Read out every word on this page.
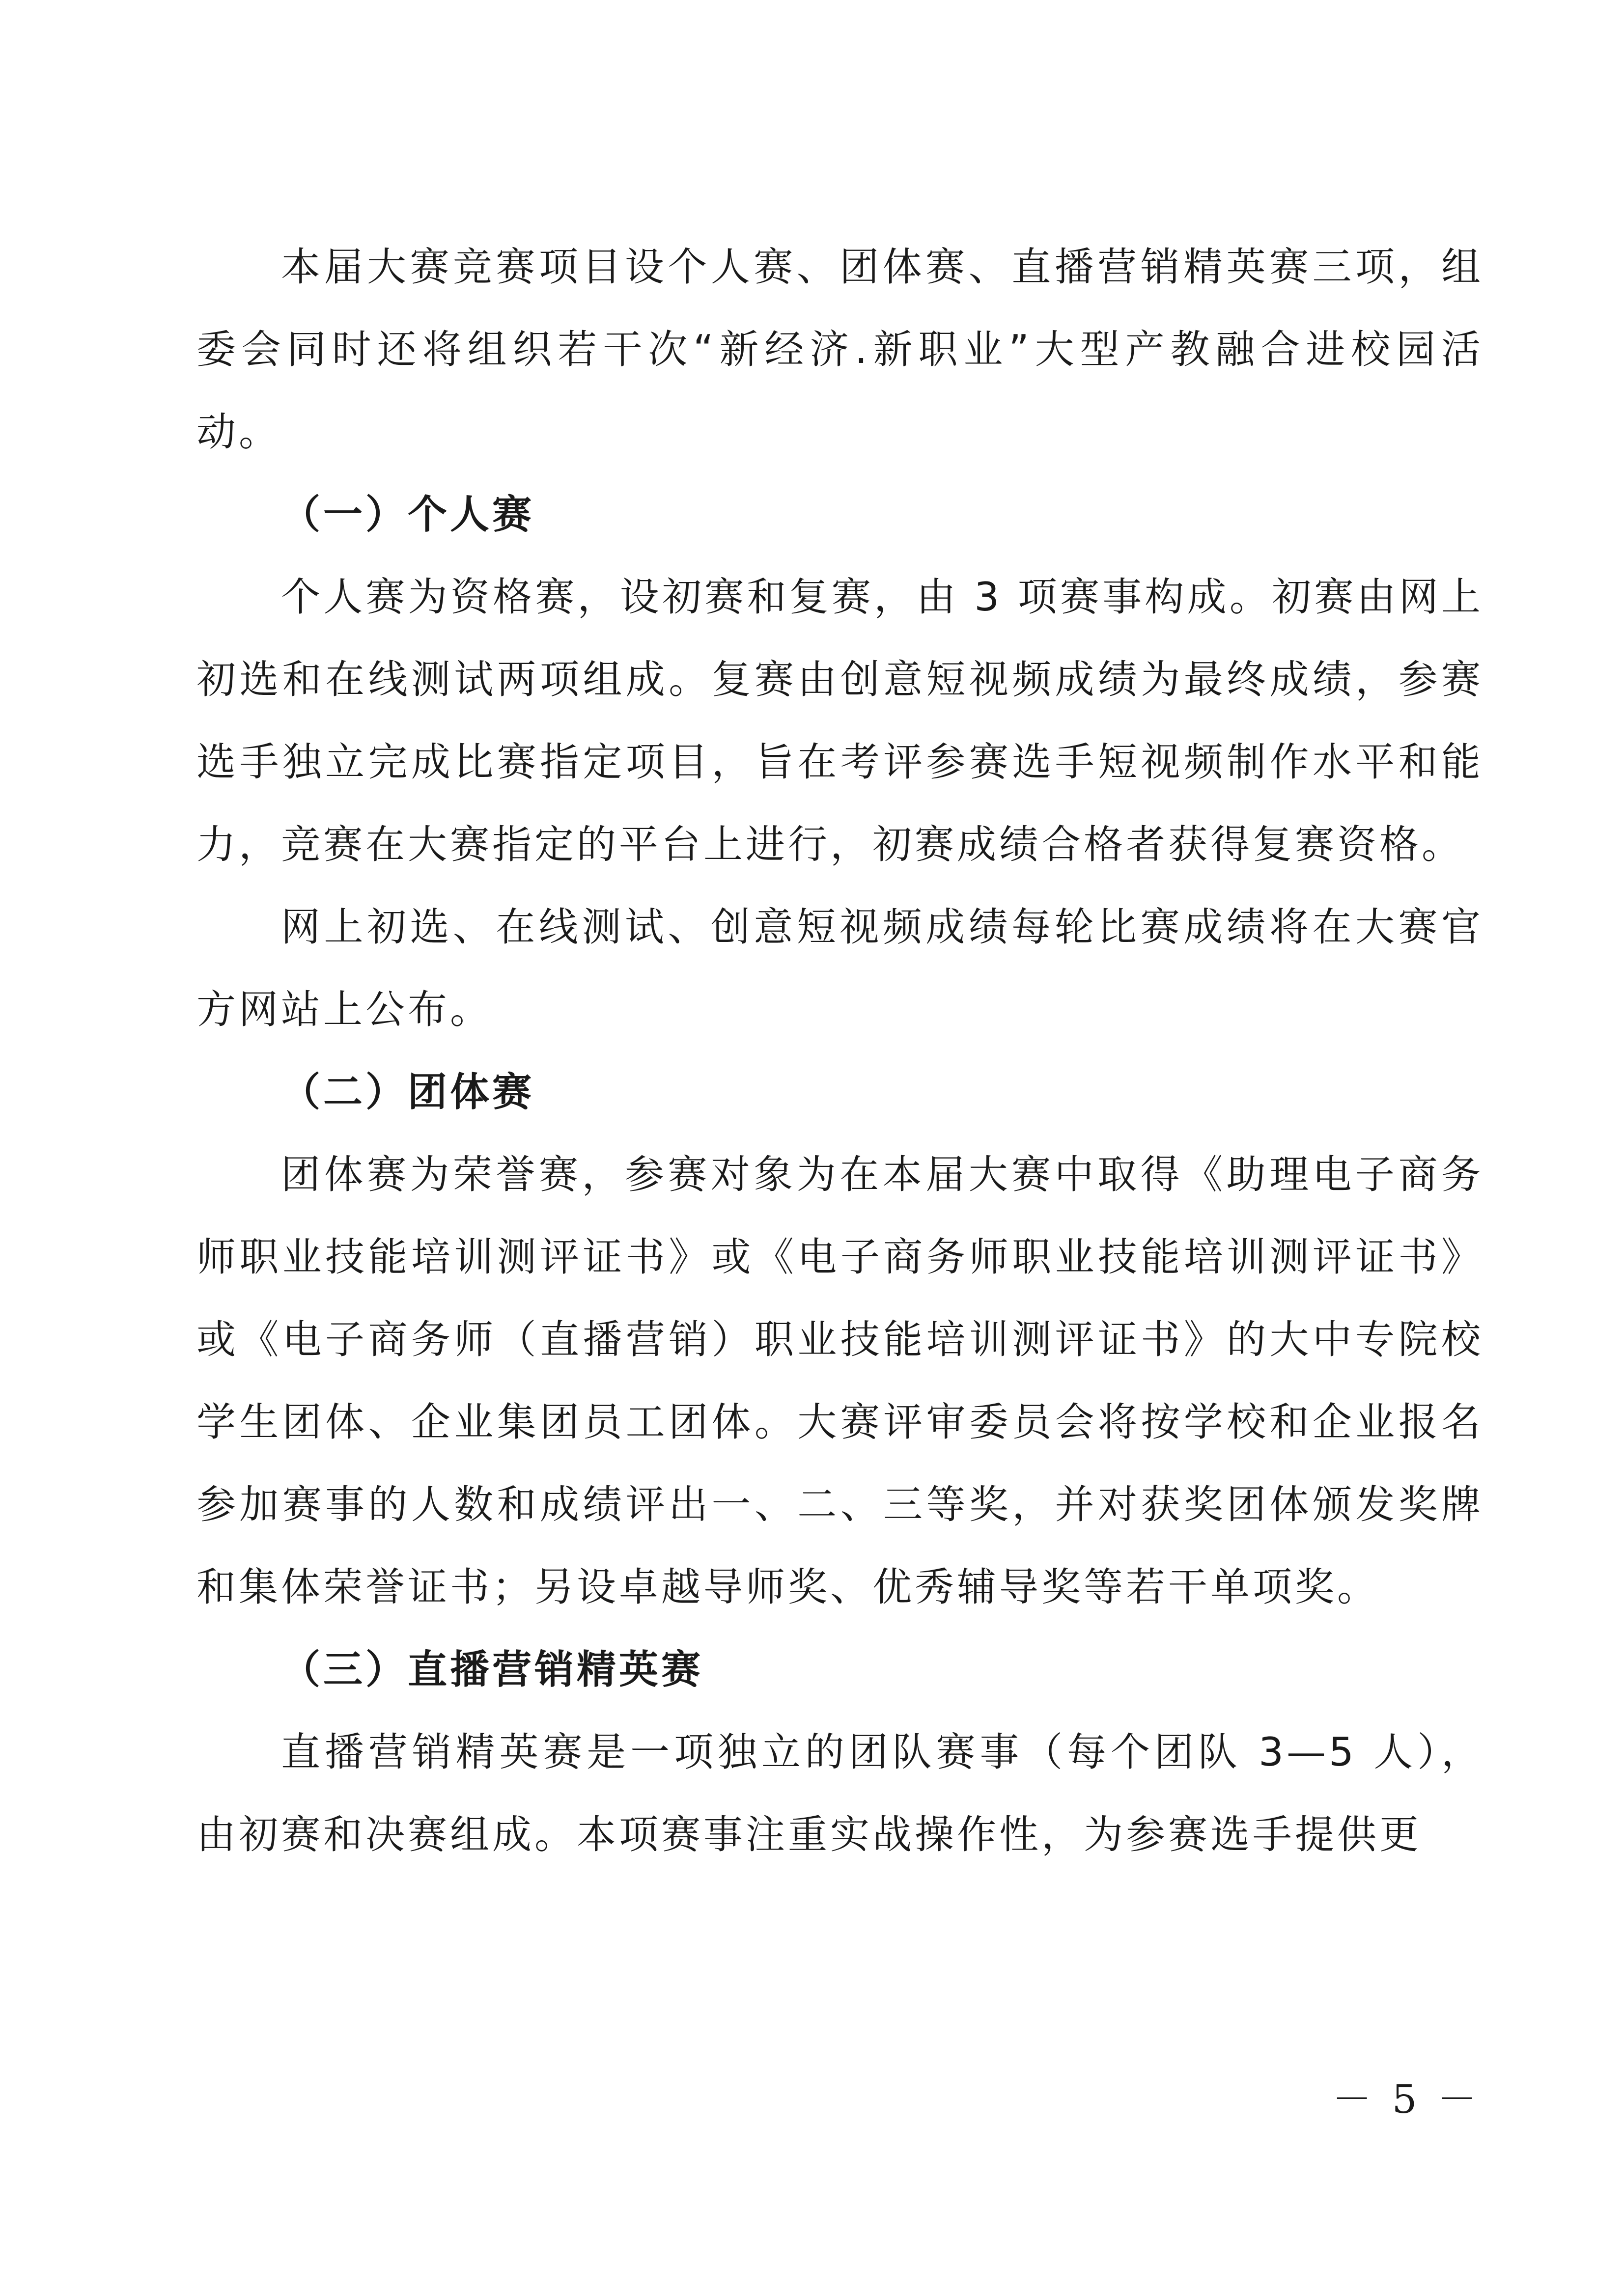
本届大赛竞赛项目设个人赛、团体赛、直播营销精英赛三项，组委会同时还将组织若干次“新经济.新职业”大型产教融合进校园活动。

（一）个人赛

个人赛为资格赛，设初赛和复赛，由 3 项赛事构成。初赛由网上初选和在线测试两项组成。复赛由创意短视频成绩为最终成绩，参赛选手独立完成比赛指定项目，旨在考评参赛选手短视频制作水平和能力，竞赛在大赛指定的平台上进行，初赛成绩合格者获得复赛资格。

网上初选、在线测试、创意短视频成绩每轮比赛成绩将在大赛官方网站上公布。

（二）团体赛

团体赛为荣誉赛，参赛对象为在本届大赛中取得《助理电子商务师职业技能培训测评证书》或《电子商务师职业技能培训测评证书》或《电子商务师（直播营销）职业技能培训测评证书》的大中专院校学生团体、企业集团员工团体。大赛评审委员会将按学校和企业报名参加赛事的人数和成绩评出一、二、三等奖，并对获奖团体颁发奖牌和集体荣誉证书；另设卓越导师奖、优秀辅导奖等若干单项奖。

（三）直播营销精英赛

直播营销精英赛是一项独立的团队赛事（每个团队 3—5 人），由初赛和决赛组成。本项赛事注重实战操作性，为参赛选手提供更

－ 5 －
